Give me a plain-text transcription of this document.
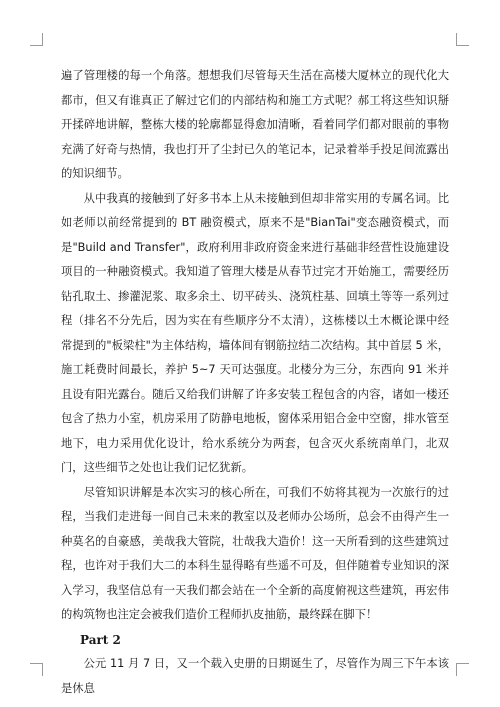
遍了管理楼的每一个角落。想想我们尽管每天生活在高楼大厦林立的现代化大都市，但又有谁真正了解过它们的内部结构和施工方式呢？郝工将这些知识掰开揉碎地讲解，整栋大楼的轮廓都显得愈加清晰，看着同学们都对眼前的事物充满了好奇与热情，我也打开了尘封已久的笔记本，记录着举手投足间流露出的知识细节。

从中我真的接触到了好多书本上从未接触到但却非常实用的专属名词。比如老师以前经常提到的 BT 融资模式，原来不是"BianTai"变态融资模式，而是"Build and Transfer"，政府利用非政府资金来进行基础非经营性设施建设项目的一种融资模式。我知道了管理大楼是从春节过完才开始施工，需要经历钻孔取土、掺灌泥浆、取多余土、切平砖头、浇筑柱基、回填土等等一系列过程（排名不分先后，因为实在有些顺序分不太清），这栋楼以土木概论课中经常提到的"板梁柱"为主体结构，墙体间有钢筋拉结二次结构。其中首层 5 米，施工耗费时间最长，养护 5~7 天可达强度。北楼分为三分，东西向 91 米并且设有阳光露台。随后又给我们讲解了许多安装工程包含的内容，诸如一楼还包含了热力小室，机房采用了防静电地板，窗体采用铝合金中空窗，排水管至地下，电力采用优化设计，给水系统分为两套，包含灭火系统南单门，北双门，这些细节之处也让我们记忆犹新。

尽管知识讲解是本次实习的核心所在，可我们不妨将其视为一次旅行的过程，当我们走进每一间自己未来的教室以及老师办公场所，总会不由得产生一种莫名的自豪感，美哉我大管院，壮哉我大造价！这一天所看到的这些建筑过程，也许对于我们大二的本科生显得略有些遥不可及，但伴随着专业知识的深入学习，我坚信总有一天我们都会站在一个全新的高度俯视这些建筑，再宏伟的构筑物也注定会被我们造价工程师扒皮抽筋，最终踩在脚下！

Part 2

公元 11 月 7 日，又一个载入史册的日期诞生了，尽管作为周三下午本该是休息
